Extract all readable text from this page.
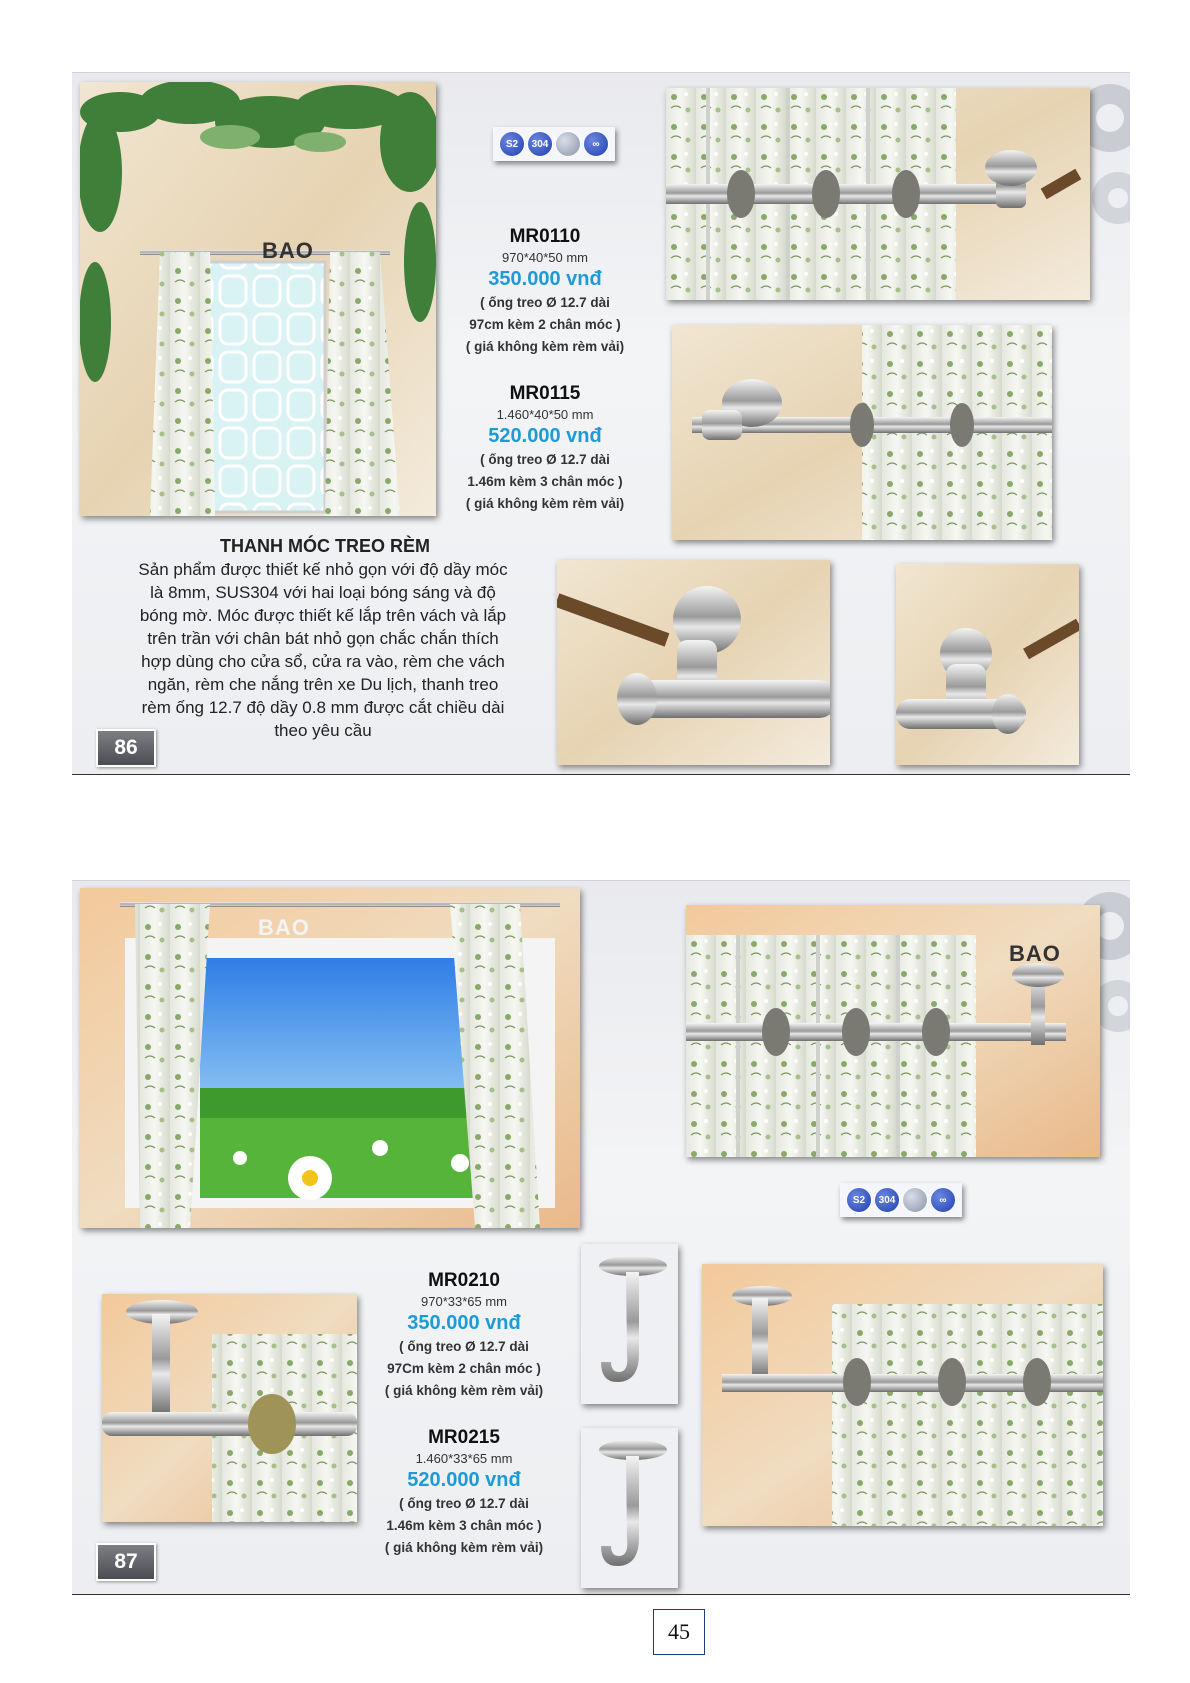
BAO
S2	304	∞
MR0110
970*40*50 mm
350.000 vnđ
( ống treo Ø 12.7 dài
97cm kèm 2 chân móc )
( giá không kèm rèm vải)
MR0115
1.460*40*50 mm
520.000 vnđ
( ống treo Ø 12.7 dài
1.46m kèm 3 chân móc )
( giá không kèm rèm vải)
THANH MÓC TREO RÈM
Sản phẩm được thiết kế nhỏ gọn với độ dầy móc
là 8mm, SUS304 với hai loại bóng sáng và độ
bóng mờ. Móc được thiết kế lắp trên vách và lắp
trên trần với chân bát nhỏ gọn chắc chắn thích
hợp dùng cho cửa sổ, cửa ra vào, rèm che vách
ngăn, rèm che nắng trên xe Du lịch, thanh treo
rèm ống 12.7 độ dầy 0.8 mm được cắt chiều dài
theo yêu cầu
86
BAO
BAO
S2	304	∞
MR0210
970*33*65 mm
350.000 vnđ
( ống treo Ø 12.7 dài
97Cm kèm 2 chân móc )
( giá không kèm rèm vải)
MR0215
1.460*33*65 mm
520.000 vnđ
( ống treo Ø 12.7 dài
1.46m kèm 3 chân móc )
( giá không kèm rèm vải)
87
45
